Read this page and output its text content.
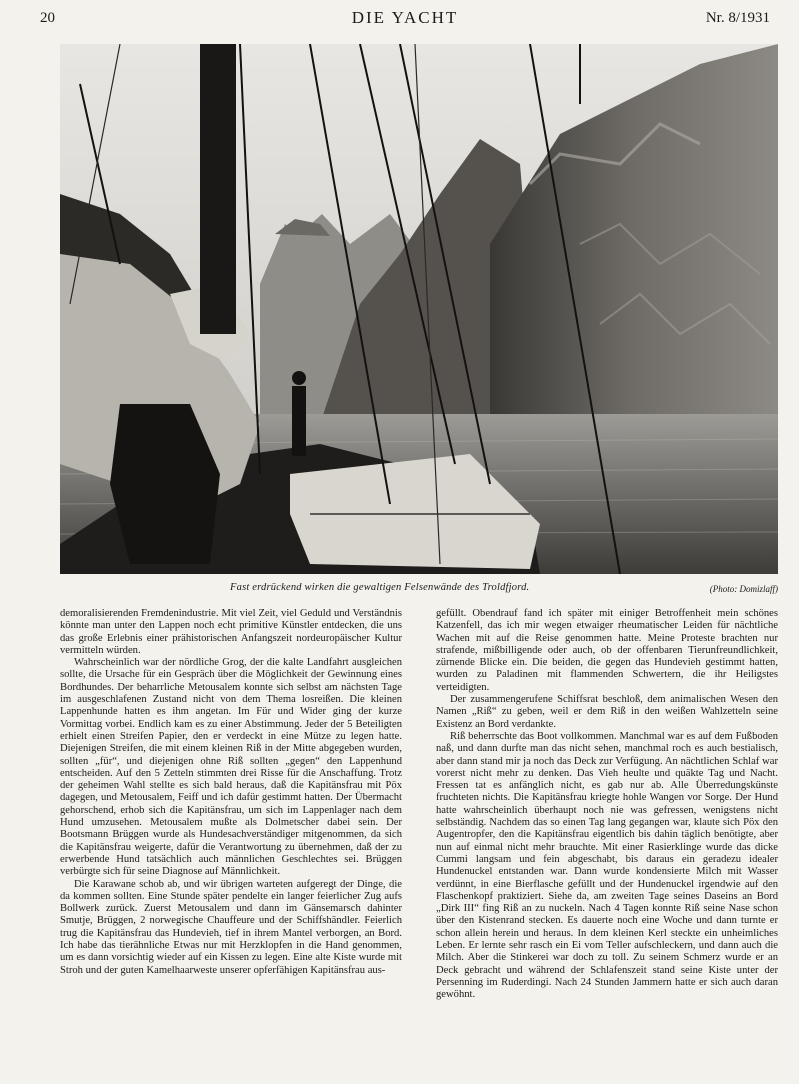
20	DIE YACHT	Nr. 8/1931
Fast erdrückend wirken die gewaltigen Felsenwände des Troldfjord.	(Photo: Domizlaff)

demoralisierenden Fremdenindustrie. Mit viel Zeit, viel Geduld und Verständnis könnte man unter den Lappen noch echt primitive Künstler entdecken, die uns das große Erlebnis einer prähistorischen Anfangszeit nordeuropäischer Kultur vermitteln würden.

Wahrscheinlich war der nördliche Grog, der die kalte Landfahrt ausgleichen sollte, die Ursache für ein Gespräch über die Möglichkeit der Gewinnung eines Bordhundes. Der beharrliche Metousalem konnte sich selbst am nächsten Tage im ausgeschlafenen Zustand nicht von dem Thema losreißen. Die kleinen Lappenhunde hatten es ihm angetan. Im Für und Wider ging der kurze Vormittag vorbei. Endlich kam es zu einer Abstimmung. Jeder der 5 Beteiligten erhielt einen Streifen Papier, den er verdeckt in eine Mütze zu legen hatte. Diejenigen Streifen, die mit einem kleinen Riß in der Mitte abgegeben wurden, sollten „für“, und diejenigen ohne Riß sollten „gegen“ den Lappenhund entscheiden. Auf den 5 Zetteln stimmten drei Risse für die Anschaffung. Trotz der geheimen Wahl stellte es sich bald heraus, daß die Kapitänsfrau mit Pöx dagegen, und Metousalem, Feiff und ich dafür gestimmt hatten. Der Übermacht gehorschend, erhob sich die Kapitänsfrau, um sich im Lappenlager nach dem Hund umzusehen. Metousalem mußte als Dolmetscher dabei sein. Der Bootsmann Brüggen wurde als Hundesachverständiger mitgenommen, da sich die Kapitänsfrau weigerte, dafür die Verantwortung zu übernehmen, daß der zu erwerbende Hund tatsächlich auch männlichen Geschlechtes sei. Brüggen verbürgte sich für seine Diagnose auf Männlichkeit.

Die Karawane schob ab, und wir übrigen warteten aufgeregt der Dinge, die da kommen sollten. Eine Stunde später pendelte ein langer feierlicher Zug aufs Bollwerk zurück. Zuerst Metousalem und dann im Gänsemarsch dahinter Smutje, Brüggen, 2 norwegische Chauffeure und der Schiffshändler. Feierlich trug die Kapitänsfrau das Hundevieh, tief in ihrem Mantel verborgen, an Bord. Ich habe das tierähnliche Etwas nur mit Herzklopfen in die Hand genommen, um es dann vorsichtig wieder auf ein Kissen zu legen. Eine alte Kiste wurde mit Stroh und der guten Kamelhaarweste unserer opferfähigen Kapitänsfrau aus-

gefüllt. Obendrauf fand ich später mit einiger Betroffenheit mein schönes Katzenfell, das ich mir wegen etwaiger rheumatischer Leiden für nächtliche Wachen mit auf die Reise genommen hatte. Meine Proteste brachten nur strafende, mißbilligende oder auch, ob der offenbaren Tierunfreundlichkeit, zürnende Blicke ein. Die beiden, die gegen das Hundevieh gestimmt hatten, wurden zu Paladinen mit flammenden Schwertern, die ihr Heiligstes verteidigten.

Der zusammengerufene Schiffsrat beschloß, dem animalischen Wesen den Namen „Riß“ zu geben, weil er dem Riß in den weißen Wahlzetteln seine Existenz an Bord verdankte.

Riß beherrschte das Boot vollkommen. Manchmal war es auf dem Fußboden naß, und dann durfte man das nicht sehen, manchmal roch es auch bestialisch, aber dann stand mir ja noch das Deck zur Verfügung. An nächtlichen Schlaf war vorerst nicht mehr zu denken. Das Vieh heulte und quäkte Tag und Nacht. Fressen tat es anfänglich nicht, es gab nur ab. Alle Überredungskünste fruchteten nichts. Die Kapitänsfrau kriegte hohle Wangen vor Sorge. Der Hund hatte wahrscheinlich überhaupt noch nie was gefressen, wenigstens nicht selbständig. Nachdem das so einen Tag lang gegangen war, klaute sich Pöx den Augentropfer, den die Kapitänsfrau eigentlich bis dahin täglich benötigte, aber nun auf einmal nicht mehr brauchte. Mit einer Rasierklinge wurde das dicke Cummi langsam und fein abgeschabt, bis daraus ein geradezu idealer Hundenuckel entstanden war. Dann wurde kondensierte Milch mit Wasser verdünnt, in eine Bierflasche gefüllt und der Hundenuckel irgendwie auf den Flaschenkopf praktiziert. Siehe da, am zweiten Tage seines Daseins an Bord „Dirk III“ fing Riß an zu nuckeln. Nach 4 Tagen konnte Riß seine Nase schon über den Kistenrand stecken. Es dauerte noch eine Woche und dann turnte er schon allein herein und heraus. In dem kleinen Kerl steckte ein unheimliches Leben. Er lernte sehr rasch ein Ei vom Teller aufschleckern, und dann auch die Milch. Aber die Stinkerei war doch zu toll. Zu seinem Schmerz wurde er an Deck gebracht und während der Schlafenszeit stand seine Kiste unter der Persenning im Ruderdingi. Nach 24 Stunden Jammern hatte er sich auch daran gewöhnt.
